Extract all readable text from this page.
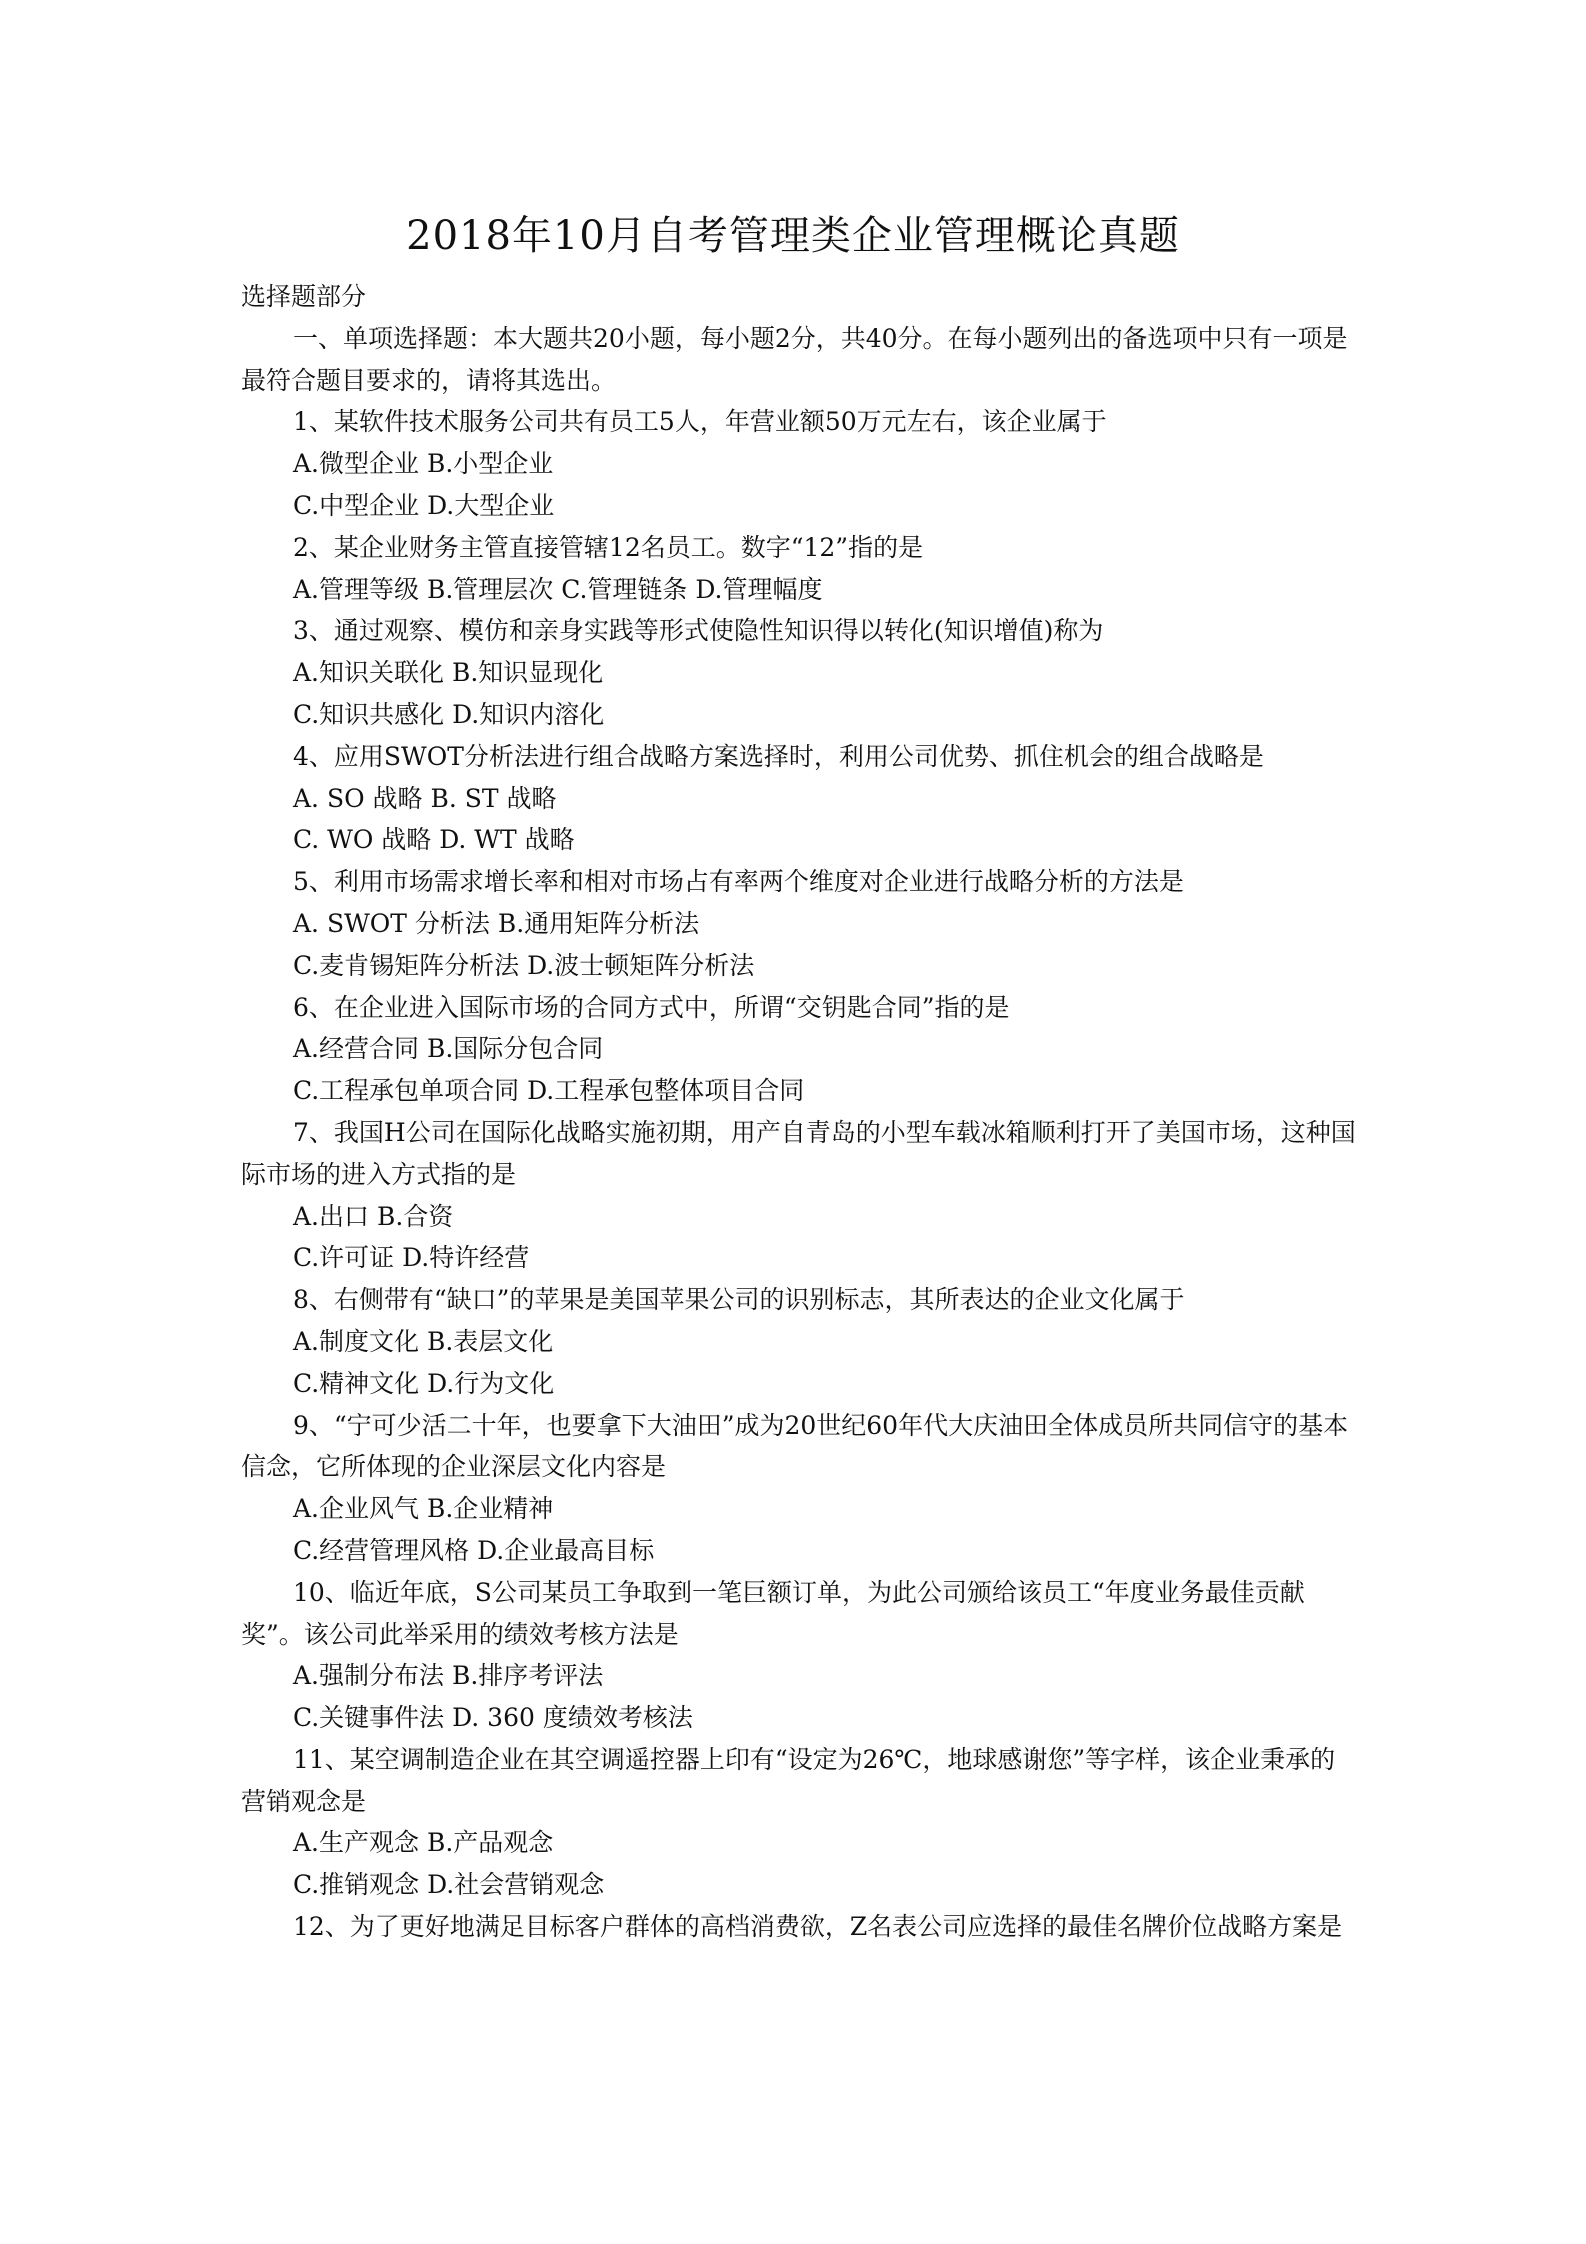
2018年10月自考管理类企业管理概论真题

选择题部分

一、单项选择题：本大题共20小题，每小题2分，共40分。在每小题列出的备选项中只有一项是最符合题目要求的，请将其选出。

1、某软件技术服务公司共有员工5人，年营业额50万元左右，该企业属于

A.微型企业 B.小型企业

C.中型企业 D.大型企业

2、某企业财务主管直接管辖12名员工。数字“12”指的是

A.管理等级 B.管理层次 C.管理链条 D.管理幅度

3、通过观察、模仿和亲身实践等形式使隐性知识得以转化(知识增值)称为

A.知识关联化 B.知识显现化

C.知识共感化 D.知识内溶化

4、应用SWOT分析法进行组合战略方案选择时，利用公司优势、抓住机会的组合战略是

A. SO 战略 B. ST 战略

C. WO 战略 D. WT 战略

5、利用市场需求增长率和相对市场占有率两个维度对企业进行战略分析的方法是

A. SWOT 分析法 B.通用矩阵分析法

C.麦肯锡矩阵分析法 D.波士顿矩阵分析法

6、在企业进入国际市场的合同方式中，所谓“交钥匙合同”指的是

A.经营合同 B.国际分包合同

C.工程承包单项合同 D.工程承包整体项目合同

7、我国H公司在国际化战略实施初期，用产自青岛的小型车载冰箱顺利打开了美国市场，这种国际市场的进入方式指的是

A.出口 B.合资

C.许可证 D.特许经营

8、右侧带有“缺口”的苹果是美国苹果公司的识别标志，其所表达的企业文化属于

A.制度文化 B.表层文化

C.精神文化 D.行为文化

9、“宁可少活二十年，也要拿下大油田”成为20世纪60年代大庆油田全体成员所共同信守的基本信念，它所体现的企业深层文化内容是

A.企业风气 B.企业精神

C.经营管理风格 D.企业最高目标

10、临近年底，S公司某员工争取到一笔巨额订单，为此公司颁给该员工“年度业务最佳贡献奖”。该公司此举采用的绩效考核方法是

A.强制分布法 B.排序考评法

C.关键事件法 D. 360 度绩效考核法

11、某空调制造企业在其空调遥控器上印有“设定为26℃，地球感谢您”等字样，该企业秉承的营销观念是

A.生产观念 B.产品观念

C.推销观念 D.社会营销观念

12、为了更好地满足目标客户群体的高档消费欲，Z名表公司应选择的最佳名牌价位战略方案是
